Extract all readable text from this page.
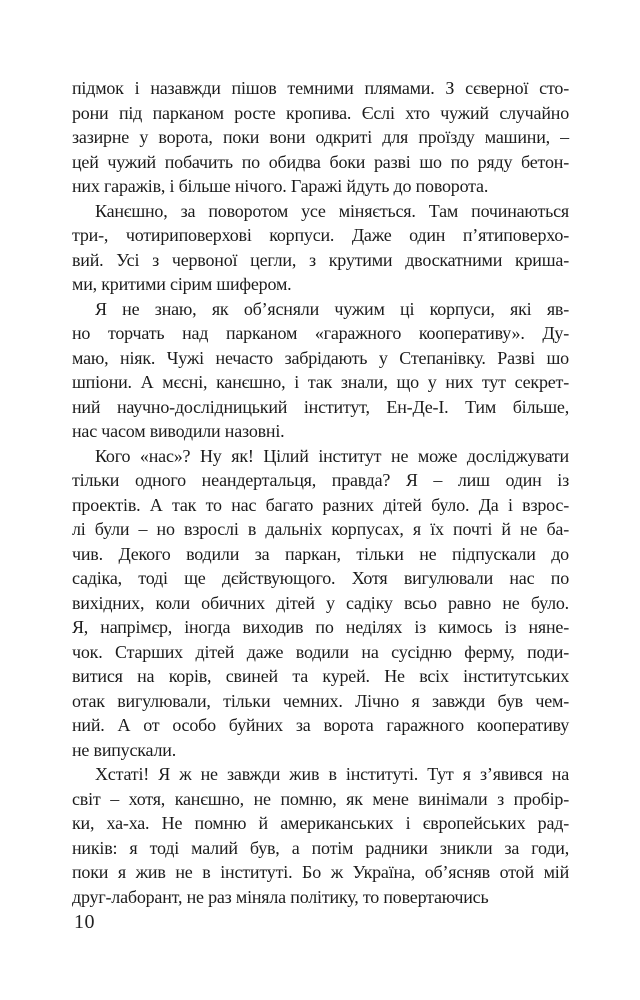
підмок і назавжди пішов темними плямами. З сєверної сто-
рони під парканом росте кропива. Єслі хто чужий случайно
зазирне у ворота, поки вони одкриті для проїзду машини, –
цей чужий побачить по обидва боки разві шо по ряду бетон-
них гаражів, і більше нічого. Гаражі йдуть до поворота.
Канєшно, за поворотом усе міняється. Там починаються
три-, чотириповерхові корпуси. Даже один п’ятиповерхо-
вий. Усі з червоної цегли, з крутими двоскатними криша-
ми, критими сірим шифером.
Я не знаю, як об’ясняли чужим ці корпуси, які яв-
но торчать над парканом «гаражного кооперативу». Ду-
маю, ніяк. Чужі нечасто забрідають у Степанівку. Разві шо
шпіони. А мєсні, канєшно, і так знали, що у них тут секрет-
ний научно-дослідницький інститут, Ен-Де-І. Тим більше,
нас часом виводили назовні.
Кого «нас»? Ну як! Цілий інститут не може досліджувати
тільки одного неандертальця, правда? Я – лиш один із
проектів. А так то нас багато разних дітей було. Да і взрос-
лі були – но взрослі в дальніх корпусах, я їх почті й не ба-
чив. Декого водили за паркан, тільки не підпускали до
садіка, тоді ще дєйствующого. Хотя вигулювали нас по
вихідних, коли обичних дітей у садіку всьо равно не було.
Я, напрімєр, іногда виходив по неділях із кимось із няне-
чок. Старших дітей даже водили на сусідню ферму, поди-
витися на корів, свиней та курей. Не всіх інститутських
отак вигулювали, тільки чемних. Лічно я завжди був чем-
ний. А от особо буйних за ворота гаражного кооперативу
не випускали.
Хстаті! Я ж не завжди жив в інституті. Тут я з’явився на
світ – хотя, канєшно, не помню, як мене винімали з пробір-
ки, ха-ха. Не помню й американських і європейських рад-
ників: я тоді малий був, а потім радники зникли за годи,
поки я жив не в інституті. Бо ж Україна, об’ясняв отой мій
друг-лаборант, не раз міняла політику, то повертаючись
10
